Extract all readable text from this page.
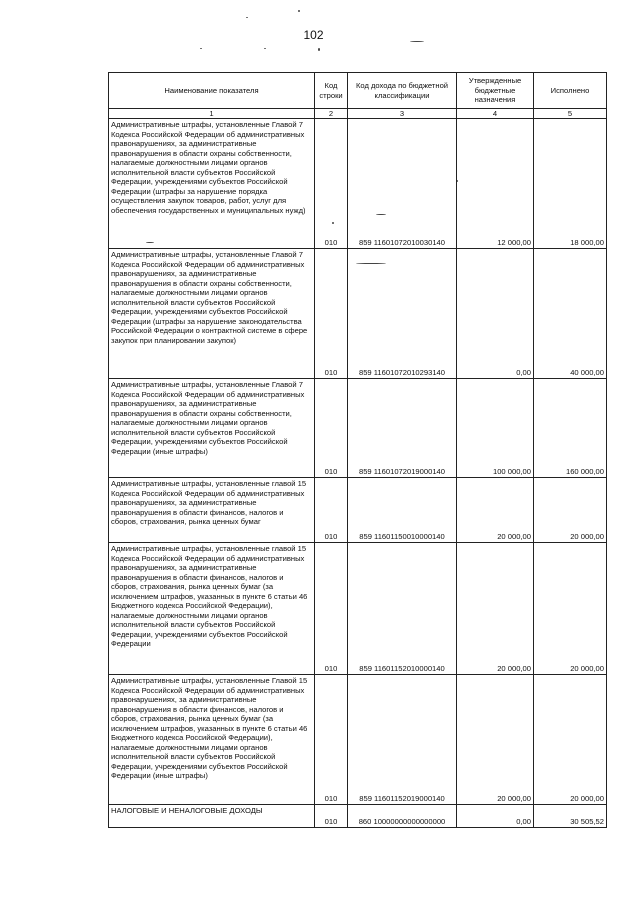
102
Наименование показателя	Код строки	Код дохода по бюджетной классификации	Утвержденные бюджетные назначения	Исполнено
1	2	3	4	5
Административные штрафы, установленные Главой 7 Кодекса Российской Федерации об административных правонарушениях, за административные правонарушения в области охраны собственности, налагаемые должностными лицами органов исполнительной власти субъектов Российской Федерации, учреждениями субъектов Российской Федерации (штрафы за нарушение порядка осуществления закупок товаров, работ, услуг для обеспечения государственных и муниципальных нужд)	010	859 11601072010030140	12 000,00	18 000,00
Административные штрафы, установленные Главой 7 Кодекса Российской Федерации об административных правонарушениях, за административные правонарушения в области охраны собственности, налагаемые должностными лицами органов исполнительной власти субъектов Российской Федерации, учреждениями субъектов Российской Федерации (штрафы за нарушение законодательства Российской Федерации о контрактной системе в сфере закупок при планировании закупок)	010	859 11601072010293140	0,00	40 000,00
Административные штрафы, установленные Главой 7 Кодекса Российской Федерации об административных правонарушениях, за административные правонарушения в области охраны собственности, налагаемые должностными лицами органов исполнительной власти субъектов Российской Федерации, учреждениями субъектов Российской Федерации (иные штрафы)	010	859 11601072019000140	100 000,00	160 000,00
Административные штрафы, установленные главой 15 Кодекса Российской Федерации об административных правонарушениях, за административные правонарушения в области финансов, налогов и сборов, страхования, рынка ценных бумаг	010	859 11601150010000140	20 000,00	20 000,00
Административные штрафы, установленные главой 15 Кодекса Российской Федерации об административных правонарушениях, за административные правонарушения в области финансов, налогов и сборов, страхования, рынка ценных бумаг (за исключением штрафов, указанных в пункте 6 статьи 46 Бюджетного кодекса Российской Федерации), налагаемые должностными лицами органов исполнительной власти субъектов Российской Федерации, учреждениями субъектов Российской Федерации	010	859 11601152010000140	20 000,00	20 000,00
Административные штрафы, установленные Главой 15 Кодекса Российской Федерации об административных правонарушениях, за административные правонарушения в области финансов, налогов и сборов, страхования, рынка ценных бумаг (за исключением штрафов, указанных в пункте 6 статьи 46 Бюджетного кодекса Российской Федерации), налагаемые должностными лицами органов исполнительной власти субъектов Российской Федерации, учреждениями субъектов Российской Федерации (иные штрафы)	010	859 11601152019000140	20 000,00	20 000,00
НАЛОГОВЫЕ И НЕНАЛОГОВЫЕ ДОХОДЫ	010	860 10000000000000000	0,00	30 505,52
